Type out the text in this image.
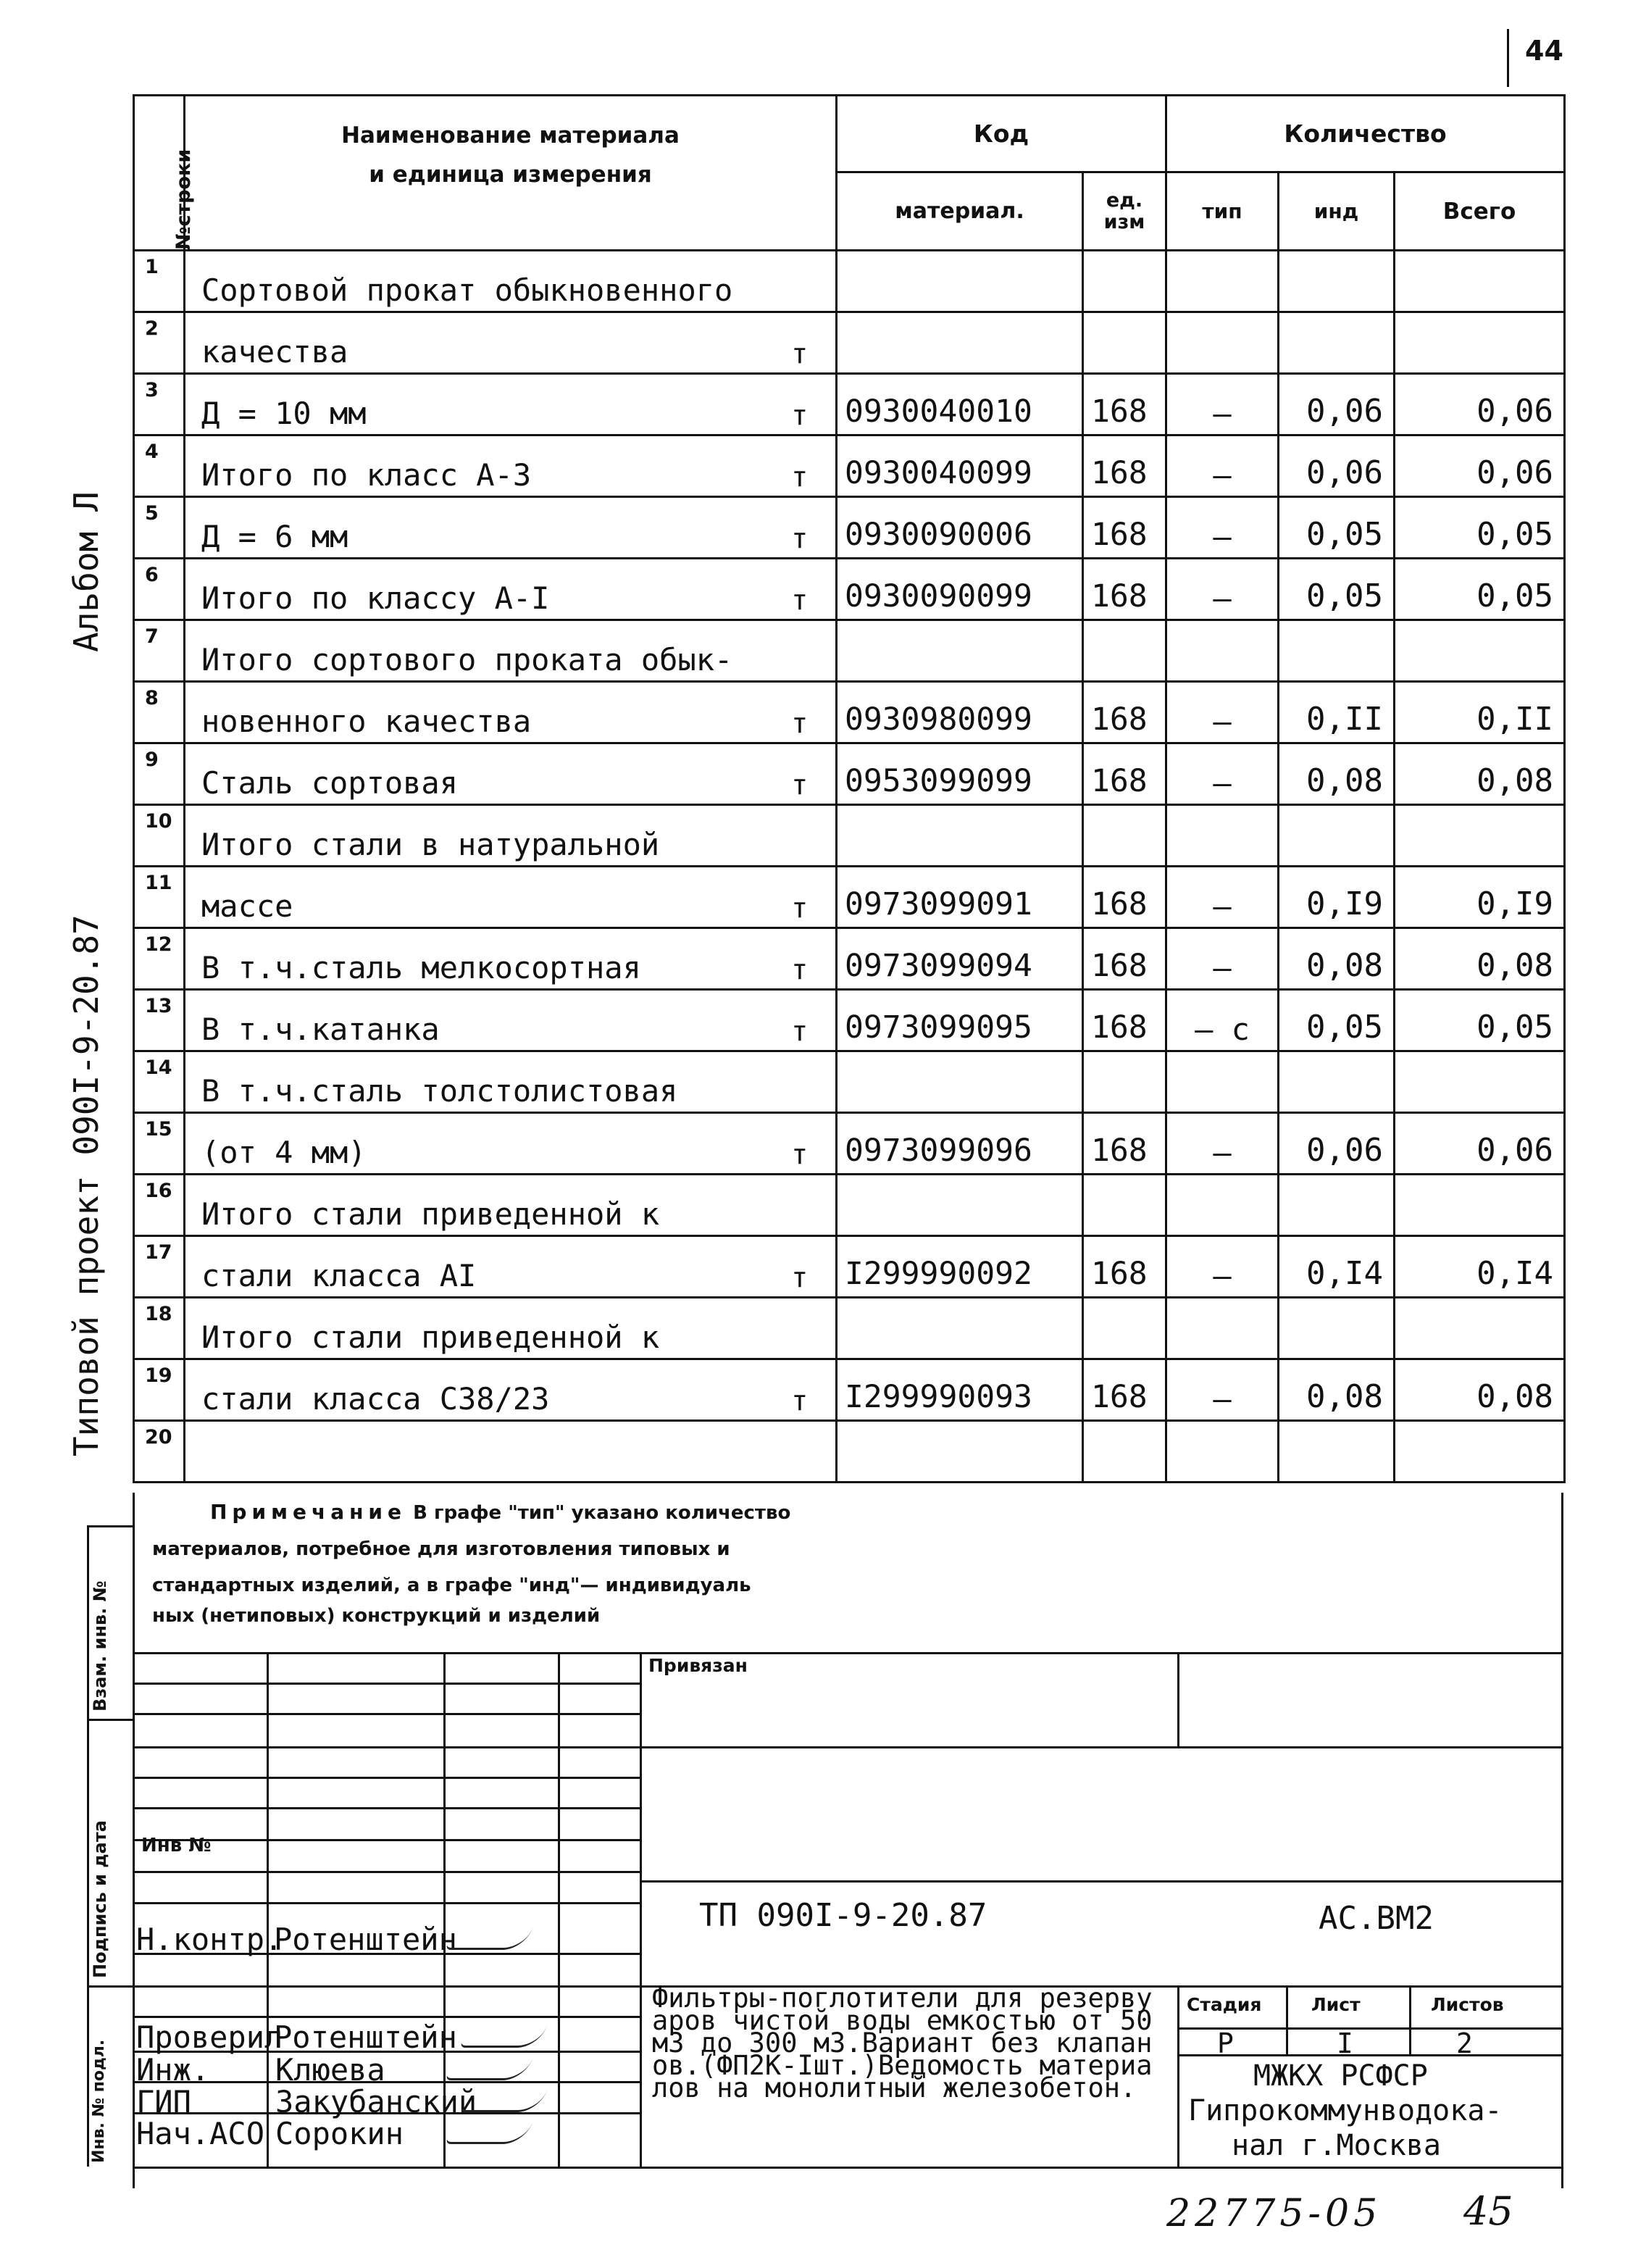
44
Альбом Л
Типовой проект 090I-9-20.87
№строки	Наименование материала
и единица измерения		Код		Количество		
			материал.	ед. изм	тип	инд	Всего
1	Сортовой прокат обыкновенного						
2	качества	т					
3	Д = 10 мм	т	0930040010	168	–	0,06	0,06
4	Итого по класс А-3	т	0930040099	168	–	0,06	0,06
5	Д = 6 мм	т	0930090006	168	–	0,05	0,05
6	Итого по классу А-I	т	0930090099	168	–	0,05	0,05
7	Итого сортового проката обык-						
8	новенного качества	т	0930980099	168	–	0,II	0,II
9	Сталь сортовая	т	0953099099	168	–	0,08	0,08
10	Итого стали в натуральной						
11	массе	т	0973099091	168	–	0,I9	0,I9
12	В т.ч.сталь мелкосортная	т	0973099094	168	–	0,08	0,08
13	В т.ч.катанка	т	0973099095	168	– с	0,05	0,05
14	В т.ч.сталь толстолистовая						
15	(от 4 мм)	т	0973099096	168	–	0,06	0,06
16	Итого стали приведенной к						
17	стали класса АI	т	I299990092	168	–	0,I4	0,I4
18	Итого стали приведенной к						
19	стали класса С38/23	т	I299990093	168	–	0,08	0,08
20							
Примечание В графе "тип" указано количество
материалов, потребное для изготовления типовых и
стандартных изделий, а в графе "инд"— индивидуаль
ных (нетиповых) конструкций и изделий
Привязан
Инв №
ТП 090I-9-20.87	АС.ВМ2
Н.контр.
Ротенштейн
Проверил
Ротенштейн
Инж. Клюева
ГИП	Закубанский
Нач.АСО Сорокин
Фильтры-поглотители для резервуаров чистой воды емкостью от 50 м3 до 300 м3.Вариант без клапанов.(ФП2К-Iшт.)Ведомость материалов на монолитный железобетон.
Стадия	Лист	Листов
Р	I	2
МЖКХ РСФСР
Гипрокоммунводока-
нал г.Москва
Взам. инв. №
Подпись и дата
Инв. № подл.
22775-05 45
